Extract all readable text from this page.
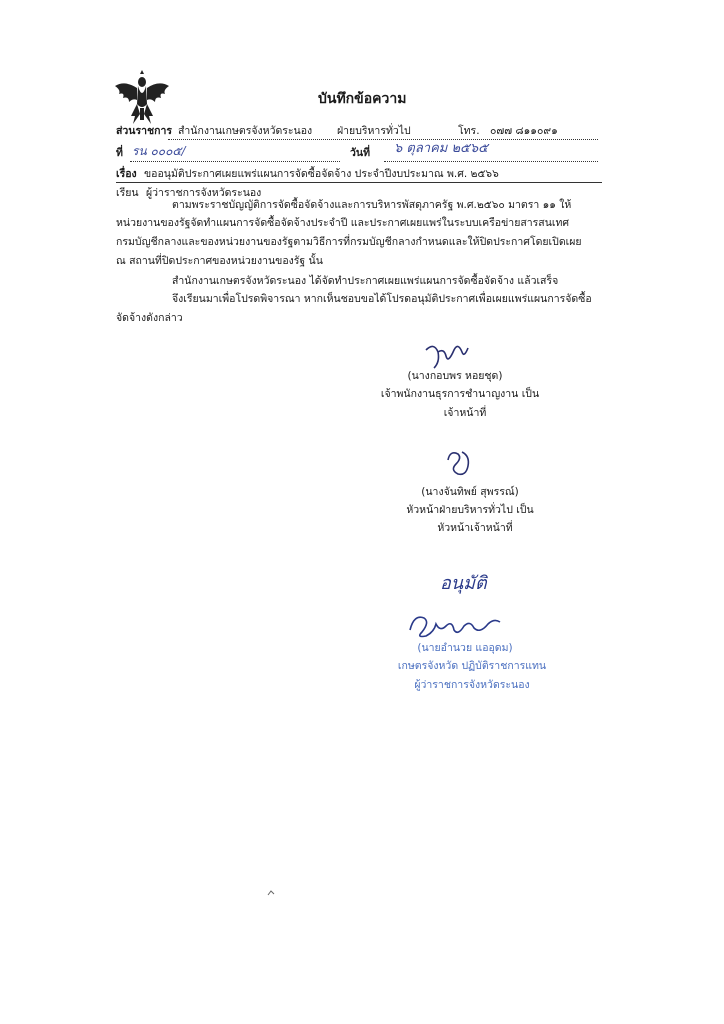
บันทึกข้อความ
ส่วนราชการ สำนักงานเกษตรจังหวัดระนอง ฝ่ายบริหารทั่วไป	โทร. ๐๗๗ ๘๑๑๐๙๑
ที่ รน ๐๐๐๕/	วันที่ ๖ ตุลาคม ๒๕๖๕
เรื่อง ขออนุมัติประกาศเผยแพร่แผนการจัดซื้อจัดจ้าง ประจำปีงบประมาณ พ.ศ. ๒๕๖๖
เรียน ผู้ว่าราชการจังหวัดระนอง
ตามพระราชบัญญัติการจัดซื้อจัดจ้างและการบริหารพัสดุภาครัฐ พ.ศ.๒๕๖๐ มาตรา ๑๑ ให้
หน่วยงานของรัฐจัดทำแผนการจัดซื้อจัดจ้างประจำปี และประกาศเผยแพร่ในระบบเครือข่ายสารสนเทศ
กรมบัญชีกลางและของหน่วยงานของรัฐตามวิธีการที่กรมบัญชีกลางกำหนดและให้ปิดประกาศโดยเปิดเผย
ณ สถานที่ปิดประกาศของหน่วยงานของรัฐ นั้น
สำนักงานเกษตรจังหวัดระนอง ได้จัดทำประกาศเผยแพร่แผนการจัดซื้อจัดจ้าง แล้วเสร็จ
จึงเรียนมาเพื่อโปรดพิจารณา หากเห็นชอบขอได้โปรดอนุมัติประกาศเพื่อเผยแพร่แผนการจัดซื้อ
จัดจ้างดังกล่าว
(นางกอบพร หอยชุด)
เจ้าพนักงานธุรการชำนาญงาน เป็น
เจ้าหน้าที่
(นางจันทิพย์ สุพรรณ์)
หัวหน้าฝ่ายบริหารทั่วไป เป็น
หัวหน้าเจ้าหน้าที่
อนุมัติ
(นายอำนวย แออุดม)
เกษตรจังหวัด ปฏิบัติราชการแทน
ผู้ว่าราชการจังหวัดระนอง
